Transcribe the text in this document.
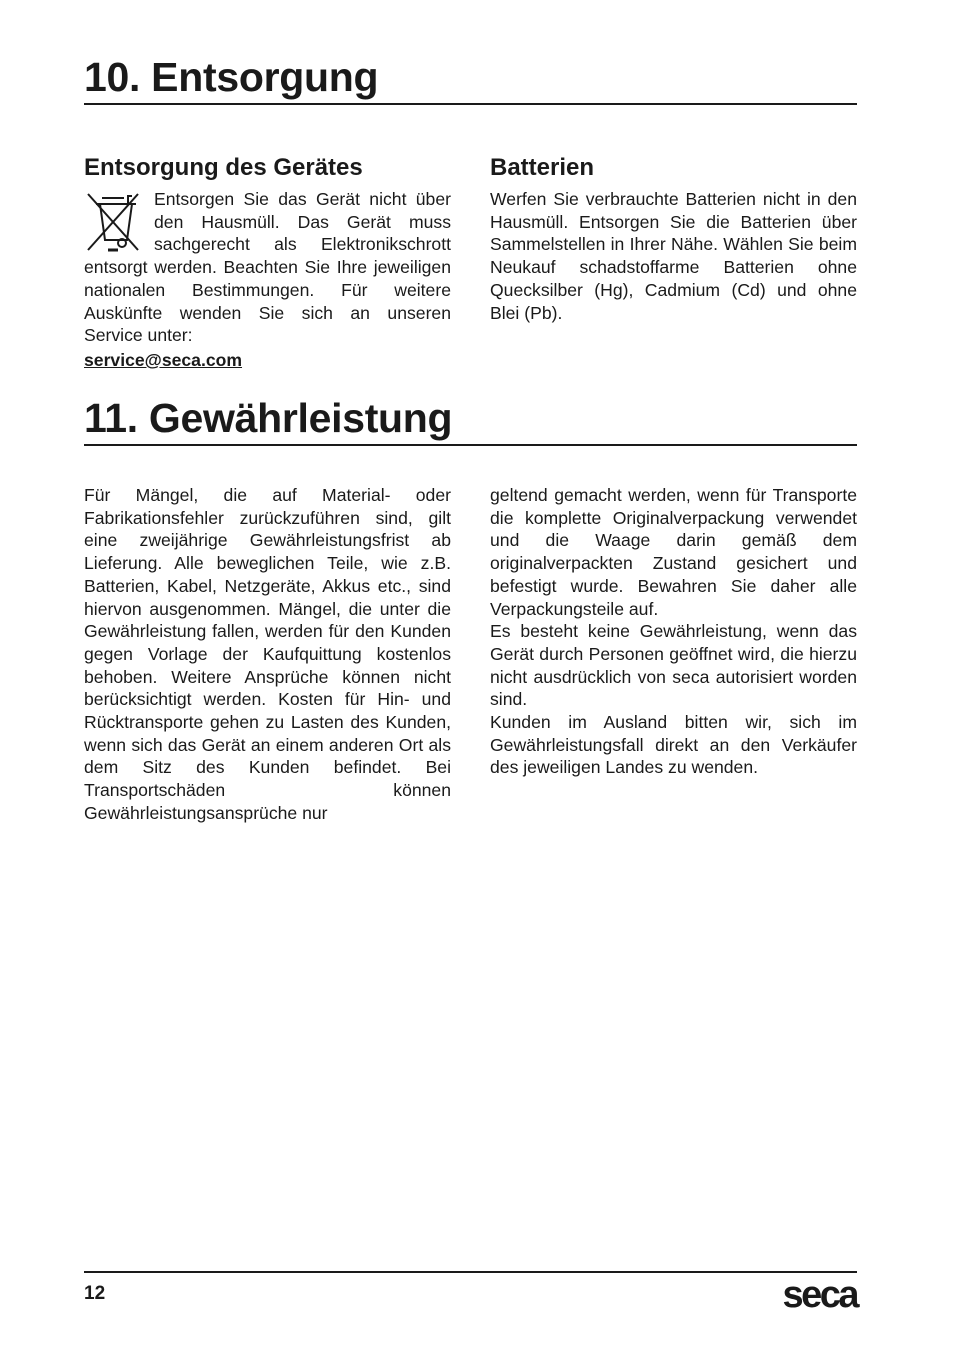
10. Entsorgung
Entsorgung des Gerätes	Batterien

Entsorgen Sie das Gerät nicht über den Hausmüll. Das Gerät muss sachgerecht als Elektronikschrott entsorgt werden. Beachten Sie Ihre jeweiligen nationalen Bestimmungen. Für weitere Auskünfte wenden Sie sich an unseren Service unter:

service@seca.com

Werfen Sie verbrauchte Batterien nicht in den Hausmüll. Entsorgen Sie die Batterien über Sammelstellen in Ihrer Nähe. Wählen Sie beim Neukauf schadstoffarme Batterien ohne Quecksilber (Hg), Cadmium (Cd) und ohne Blei (Pb).

11. Gewährleistung

Für Mängel, die auf Material- oder Fabrikationsfehler zurückzuführen sind, gilt eine zweijährige Gewährleistungsfrist ab Lieferung. Alle beweglichen Teile, wie z.B. Batterien, Kabel, Netzgeräte, Akkus etc., sind hiervon ausgenommen. Mängel, die unter die Gewährleistung fallen, werden für den Kunden gegen Vorlage der Kaufquittung kostenlos behoben. Weitere Ansprüche können nicht berücksichtigt werden. Kosten für Hin- und Rücktransporte gehen zu Lasten des Kunden, wenn sich das Gerät an einem anderen Ort als dem Sitz des Kunden befindet. Bei Transportschäden können Gewährleistungsansprüche nur

geltend gemacht werden, wenn für Transporte die komplette Originalverpackung verwendet und die Waage darin gemäß dem originalverpackten Zustand gesichert und befestigt wurde. Bewahren Sie daher alle Verpackungsteile auf.

Es besteht keine Gewährleistung, wenn das Gerät durch Personen geöffnet wird, die hierzu nicht ausdrücklich von seca autorisiert worden sind.

Kunden im Ausland bitten wir, sich im Gewährleistungsfall direkt an den Verkäufer des jeweiligen Landes zu wenden.

12	seca
